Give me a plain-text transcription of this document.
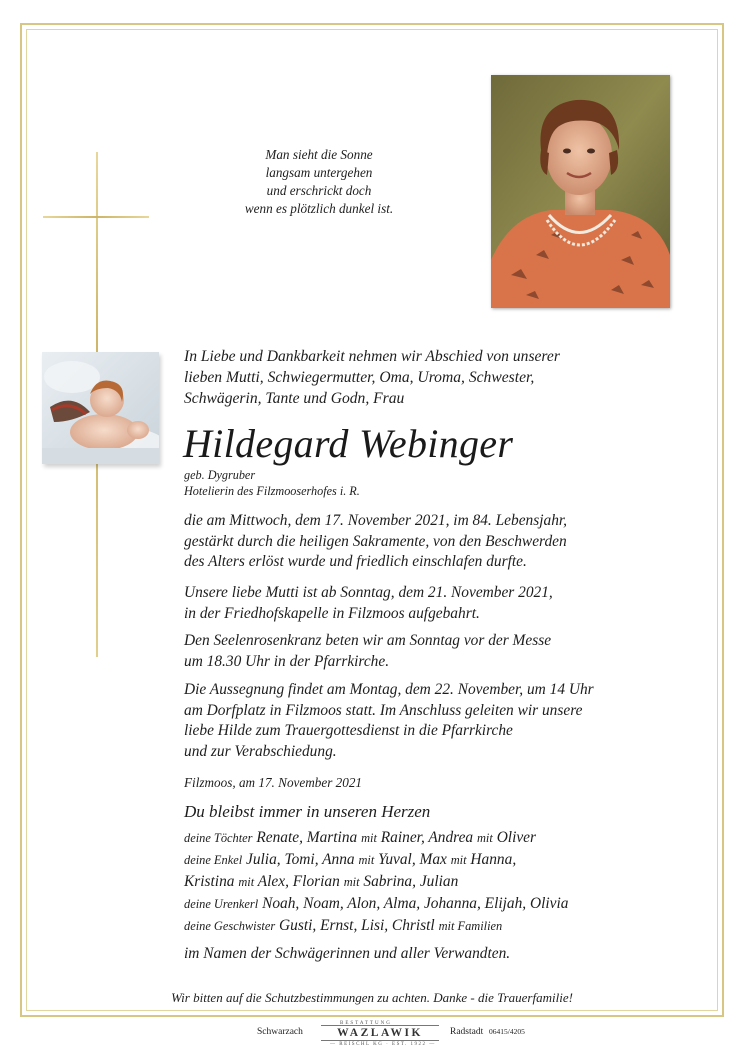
Man sieht die Sonne
langsam untergehen
und erschrickt doch
wenn es plötzlich dunkel ist.
In Liebe und Dankbarkeit nehmen wir Abschied von unserer
lieben Mutti, Schwiegermutter, Oma, Uroma, Schwester,
Schwägerin, Tante und Godn, Frau
Hildegard Webinger
geb. Dygruber
Hotelierin des Filzmooserhofes i. R.
die am Mittwoch, dem 17. November 2021, im 84. Lebensjahr,
gestärkt durch die heiligen Sakramente, von den Beschwerden
des Alters erlöst wurde und friedlich einschlafen durfte.
Unsere liebe Mutti ist ab Sonntag, dem 21. November 2021,
in der Friedhofskapelle in Filzmoos aufgebahrt.
Den Seelenrosenkranz beten wir am Sonntag vor der Messe
um 18.30 Uhr in der Pfarrkirche.
Die Aussegnung findet am Montag, dem 22. November, um 14 Uhr
am Dorfplatz in Filzmoos statt. Im Anschluss geleiten wir unsere
liebe Hilde zum Trauergottesdienst in die Pfarrkirche
und zur Verabschiedung.
Filzmoos, am 17. November 2021
Du bleibst immer in unseren Herzen
deine Töchter Renate, Martina mit Rainer, Andrea mit Oliver
deine Enkel Julia, Tomi, Anna mit Yuval, Max mit Hanna,
Kristina mit Alex, Florian mit Sabrina, Julian
deine Urenkerl Noah, Noam, Alon, Alma, Johanna, Elijah, Olivia
deine Geschwister Gusti, Ernst, Lisi, Christl mit Familien
im Namen der Schwägerinnen und aller Verwandten.
Wir bitten auf die Schutzbestimmungen zu achten. Danke - die Trauerfamilie!
Schwarzach
BESTATTUNG
WAZLAWIK
— REISCHL KG · EST. 1922 —
Radstadt 06415/4205
